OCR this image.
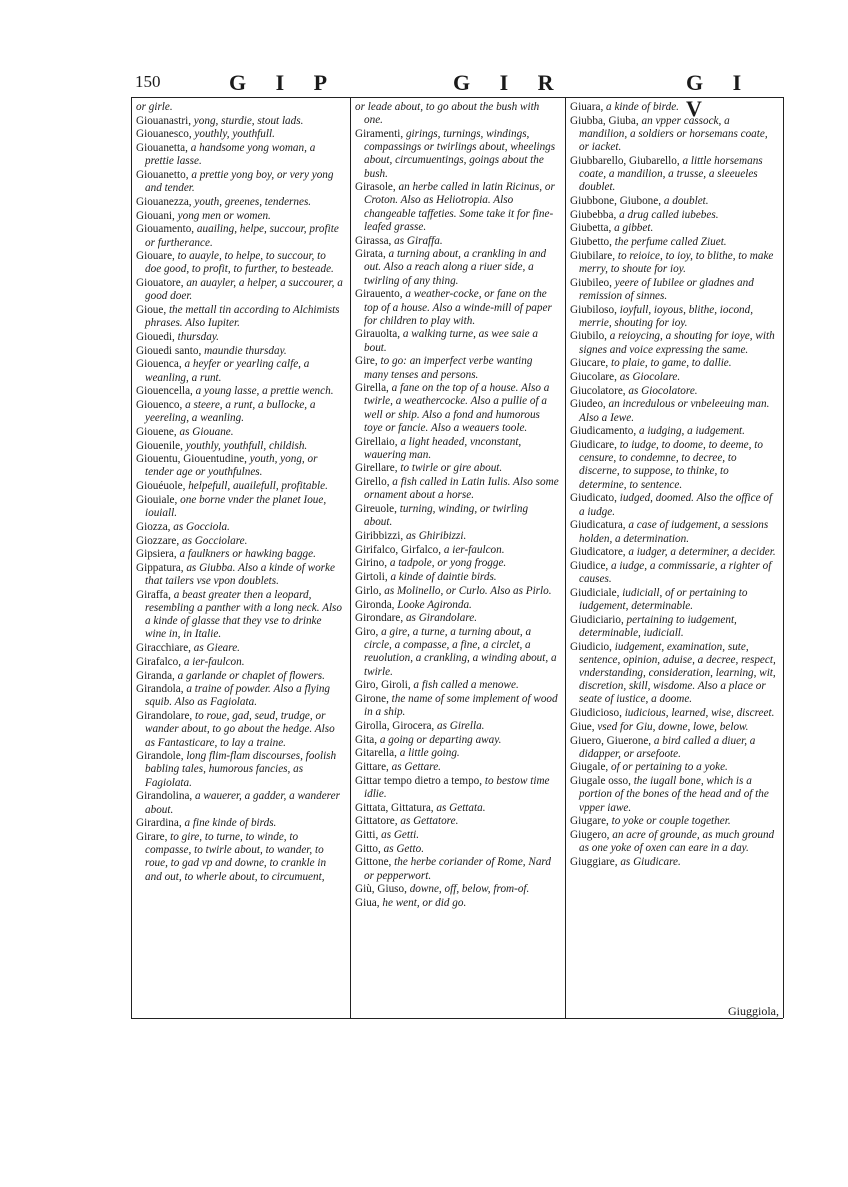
150	G I P	G I R	G I V
or girle.
Giouanastri, yong, sturdie, stout lads.
Giouanesco, youthly, youthfull.
Giouanetta, a handsome yong woman, a prettie lasse.
Giouanetto, a prettie yong boy, or very yong and tender.
Giouanezza, youth, greenes, tendernes.
Giouani, yong men or women.
Giouamento, auailing, helpe, succour, profite or furtherance.
Giouare, to auayle, to helpe, to succour, to doe good, to profit, to further, to besteade.
Giouatore, an auayler, a helper, a succourer, a good doer.
Gioue, the mettall tin according to Alchimists phrases. Also Iupiter.
Giouedi, thursday.
Giouedi santo, maundie thursday.
Giouenca, a heyfer or yearling calfe, a weanling, a runt.
Giouencella, a young lasse, a prettie wench.
Giouenco, a steere, a runt, a bullocke, a yeereling, a weanling.
Giouene, as Giouane.
Giouenile, youthly, youthfull, childish.
Giouentu, Giouentudine, youth, yong, or tender age or youthfulnes.
Giouéuole, helpefull, auailefull, profitable.
Giouiale, one borne vnder the planet Ioue, iouiall.
Giozza, as Gocciola.
Giozzare, as Gocciolare.
Gipsiera, a faulkners or hawking bagge.
Gippatura, as Giubba. Also a kinde of worke that tailers vse vpon doublets.
Giraffa, a beast greater then a leopard, resembling a panther with a long neck. Also a kinde of glasse that they vse to drinke wine in, in Italie.
Giracchiare, as Gieare.
Girafalco, a ier-faulcon.
Giranda, a garlande or chaplet of flowers.
Girandola, a traine of powder. Also a flying squib. Also as Fagiolata.
Girandolare, to roue, gad, seud, trudge, or wander about, to go about the hedge. Also as Fantasticare, to lay a traine.
Girandole, long flim-flam discourses, foolish babling tales, humorous fancies, as Fagiolata.
Girandolina, a wauerer, a gadder, a wanderer about.
Girardina, a fine kinde of birds.
Girare, to gire, to turne, to winde, to compasse, to twirle about, to wander, to roue, to gad vp and downe, to crankle in and out, to wherle about, to circumuent,
or leade about, to go about the bush with one.
Giramenti, girings, turnings, windings, compassings or twirlings about, wheelings about, circumuentings, goings about the bush.
Girasole, an herbe called in latin Ricinus, or Croton. Also as Heliotropia. Also changeable taffeties. Some take it for fine-leafed grasse.
Girassa, as Giraffa.
Girata, a turning about, a crankling in and out. Also a reach along a riuer side, a twirling of any thing.
Girauento, a weather-cocke, or fane on the top of a house. Also a winde-mill of paper for children to play with.
Girauolta, a walking turne, as wee saie a bout.
Gire, to go: an imperfect verbe wanting many tenses and persons.
Girella, a fane on the top of a house. Also a twirle, a weathercocke. Also a pullie of a well or ship. Also a fond and humorous toye or fancie. Also a weauers toole.
Girellaio, a light headed, vnconstant, wauering man.
Girellare, to twirle or gire about.
Girello, a fish called in Latin Iulis. Also some ornament about a horse.
Gireuole, turning, winding, or twirling about.
Giribbizzi, as Ghiribizzi.
Girifalco, Girfalco, a ier-faulcon.
Girino, a tadpole, or yong frogge.
Girtoli, a kinde of daintie birds.
Girlo, as Molinello, or Curlo. Also as Pirlo.
Gironda, Looke Agironda.
Girondare, as Girandolare.
Giro, a gire, a turne, a turning about, a circle, a compasse, a fine, a circlet, a reuolution, a crankling, a winding about, a twirle.
Giro, Giroli, a fish called a menowe.
Girone, the name of some implement of wood in a ship.
Girolla, Girocera, as Girella.
Gita, a going or departing away.
Gitarella, a little going.
Gittare, as Gettare.
Gittar tempo dietro a tempo, to bestow time idlie.
Gittata, Gittatura, as Gettata.
Gittatore, as Gettatore.
Gitti, as Getti.
Gitto, as Getto.
Gittone, the herbe coriander of Rome, Nard or pepperwort.
Giù, Giuso, downe, off, below, from-of.
Giua, he went, or did go.
Giuara, a kinde of birde.
Giubba, Giuba, an vpper cassock, a mandilion, a soldiers or horsemans coate, or iacket.
Giubbarello, Giubarello, a little horsemans coate, a mandilion, a trusse, a sleeueles doublet.
Giubbone, Giubone, a doublet.
Giubebba, a drug called iubebes.
Giubetta, a gibbet.
Giubetto, the perfume called Ziuet.
Giubilare, to reioice, to ioy, to blithe, to make merry, to shoute for ioy.
Giubileo, yeere of Iubilee or gladnes and remission of sinnes.
Giubiloso, ioyfull, ioyous, blithe, iocond, merrie, shouting for ioy.
Giubilo, a reioycing, a shouting for ioye, with signes and voice expressing the same.
Giucare, to plaie, to game, to dallie.
Giucolare, as Giocolare.
Giucolatore, as Giocolatore.
Giudeo, an incredulous or vnbeleeuing man. Also a Iewe.
Giudicamento, a iudging, a iudgement.
Giudicare, to iudge, to doome, to deeme, to censure, to condemne, to decree, to discerne, to suppose, to thinke, to determine, to sentence.
Giudicato, iudged, doomed. Also the office of a iudge.
Giudicatura, a case of iudgement, a sessions holden, a determination.
Giudicatore, a iudger, a determiner, a decider.
Giudice, a iudge, a commissarie, a righter of causes.
Giudiciale, iudiciall, of or pertaining to iudgement, determinable.
Giudiciario, pertaining to iudgement, determinable, iudiciall.
Giudicio, iudgement, examination, sute, sentence, opinion, aduise, a decree, respect, vnderstanding, consideration, learning, wit, discretion, skill, wisdome. Also a place or seate of iustice, a doome.
Giudicioso, iudicious, learned, wise, discreet.
Giue, vsed for Giu, downe, lowe, below.
Giuero, Giuerone, a bird called a diuer, a didapper, or arsefoote.
Giugale, of or pertaining to a yoke.
Giugale osso, the iugall bone, which is a portion of the bones of the head and of the vpper iawe.
Giugare, to yoke or couple together.
Giugero, an acre of grounde, as much ground as one yoke of oxen can eare in a day.
Giuggiare, as Giudicare.
Giuggiola,
